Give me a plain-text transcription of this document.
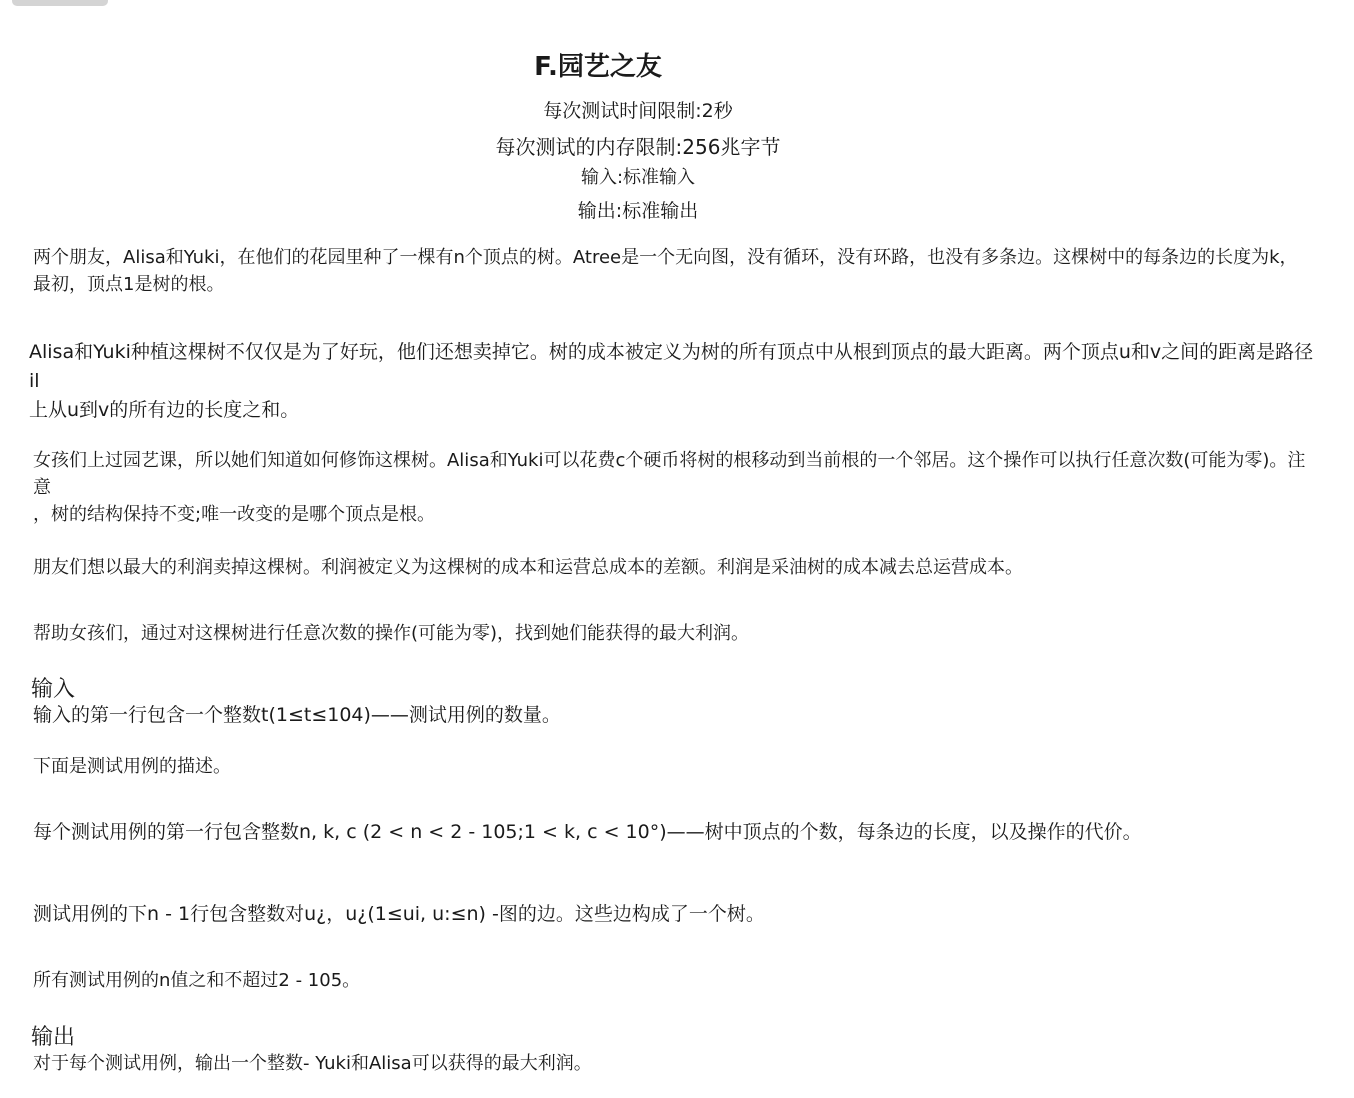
F.园艺之友
每次测试时间限制:2秒
每次测试的内存限制:256兆字节
输入:标准输入
输出:标准输出
两个朋友，Alisa和Yuki，在他们的花园里种了一棵有n个顶点的树。Atree是一个无向图，没有循环，没有环路，也没有多条边。这棵树中的每条边的长度为k，
最初，顶点1是树的根。
Alisa和Yuki种植这棵树不仅仅是为了好玩，他们还想卖掉它。树的成本被定义为树的所有顶点中从根到顶点的最大距离。两个顶点u和v之间的距离是路径il
上从u到v的所有边的长度之和。
女孩们上过园艺课，所以她们知道如何修饰这棵树。Alisa和Yuki可以花费c个硬币将树的根移动到当前根的一个邻居。这个操作可以执行任意次数(可能为零)。注意
，树的结构保持不变;唯一改变的是哪个顶点是根。
朋友们想以最大的利润卖掉这棵树。利润被定义为这棵树的成本和运营总成本的差额。利润是采油树的成本减去总运营成本。
帮助女孩们，通过对这棵树进行任意次数的操作(可能为零)，找到她们能获得的最大利润。
输入
输入的第一行包含一个整数t(1≤t≤104)——测试用例的数量。
下面是测试用例的描述。
每个测试用例的第一行包含整数n, k, c (2 < n < 2 - 105;1 < k, c < 10°)——树中顶点的个数，每条边的长度，以及操作的代价。
测试用例的下n - 1行包含整数对u¿，u¿(1≤ui, u:≤n) -图的边。这些边构成了一个树。
所有测试用例的n值之和不超过2 - 105。
输出
对于每个测试用例，输出一个整数- Yuki和Alisa可以获得的最大利润。
